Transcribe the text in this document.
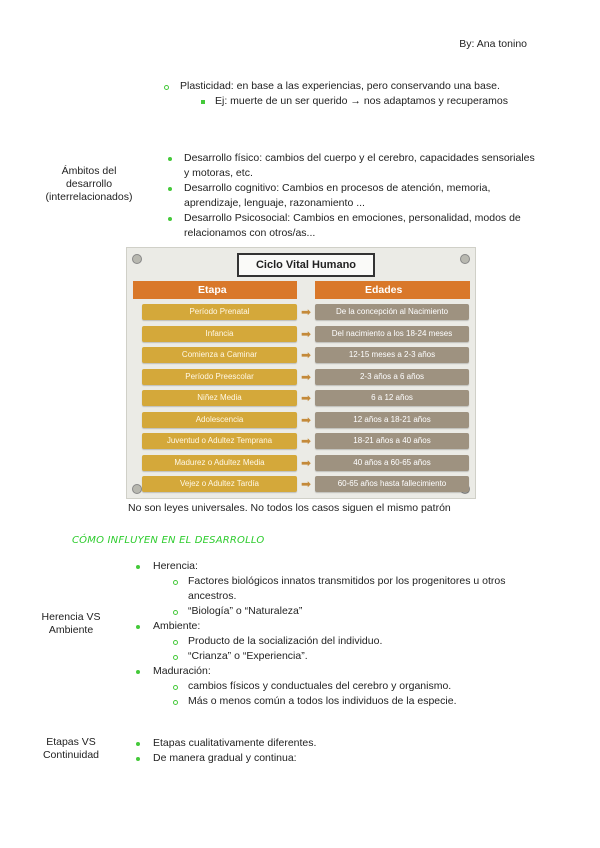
By: Ana tonino
Plasticidad: en base a las experiencias, pero conservando una base.
Ej: muerte de un ser querido → nos adaptamos y recuperamos
Ámbitos del
desarrollo
(interrelacionados)
Desarrollo físico: cambios del cuerpo y el cerebro, capacidades sensoriales
y motoras, etc.
Desarrollo cognitivo: Cambios en procesos de atención, memoria,
aprendizaje, lenguaje, razonamiento ...
Desarrollo Psicosocial: Cambios en emociones, personalidad, modos de
relacionamos con otros/as...
Ciclo Vital Humano
Etapa	Edades
Período Prenatal	➡	De la concepción al Nacimiento
Infancia	➡	Del nacimiento a los 18-24 meses
Comienza a Caminar	➡	12-15 meses a 2-3 años
Período Preescolar	➡	2-3 años a 6 años
Niñez Media	➡	6 a 12 años
Adolescencia	➡	12 años a 18-21 años
Juventud o Adultez Temprana	➡	18-21 años a 40 años
Madurez o Adultez Media	➡	40 años a 60-65 años
Vejez o Adultez Tardía	➡	60-65 años hasta fallecimiento
No son leyes universales. No todos los casos siguen el mismo patrón
CÓMO INFLUYEN EN EL DESARROLLO
Herencia VS
Ambiente
Herencia:
Factores biológicos innatos transmitidos por los progenitores u otros
ancestros.
“Biología” o “Naturaleza”
Ambiente:
Producto de la socialización del individuo.
“Crianza” o “Experiencia”.
Maduración:
cambios físicos y conductuales del cerebro y organismo.
Más o menos común a todos los individuos de la especie.
Etapas VS
Continuidad
Etapas cualitativamente diferentes.
De manera gradual y continua:
